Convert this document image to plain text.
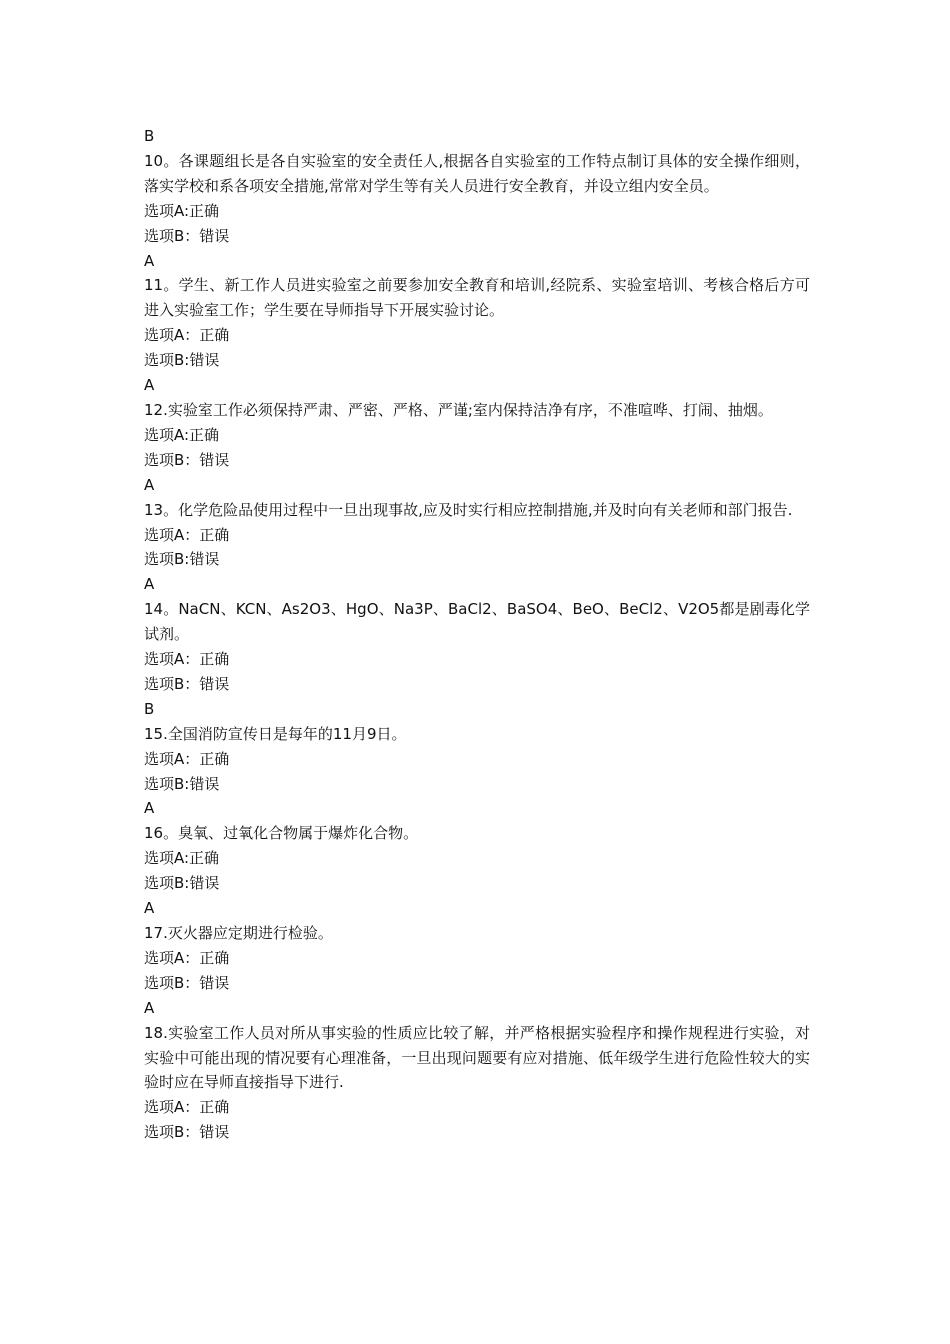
B
10。各课题组长是各自实验室的安全责任人,根据各自实验室的工作特点制订具体的安全操作细则，落实学校和系各项安全措施,常常对学生等有关人员进行安全教育，并设立组内安全员。
选项A:正确
选项B：错误
A
11。学生、新工作人员进实验室之前要参加安全教育和培训,经院系、实验室培训、考核合格后方可进入实验室工作；学生要在导师指导下开展实验讨论。
选项A：正确
选项B:错误
A
12.实验室工作必须保持严肃、严密、严格、严谨;室内保持洁净有序，不准喧哗、打闹、抽烟。
选项A:正确
选项B：错误
A
13。化学危险品使用过程中一旦出现事故,应及时实行相应控制措施,并及时向有关老师和部门报告.
选项A：正确
选项B:错误
A
14。NaCN、KCN、As2O3、HgO、Na3P、BaCl2、BaSO4、BeO、BeCl2、V2O5都是剧毒化学试剂。
选项A：正确
选项B：错误
B
15.全国消防宣传日是每年的11月9日。
选项A：正确
选项B:错误
A
16。臭氧、过氧化合物属于爆炸化合物。
选项A:正确
选项B:错误
A
17.灭火器应定期进行检验。
选项A：正确
选项B：错误
A
18.实验室工作人员对所从事实验的性质应比较了解，并严格根据实验程序和操作规程进行实验，对实验中可能出现的情况要有心理准备，一旦出现问题要有应对措施、低年级学生进行危险性较大的实验时应在导师直接指导下进行.
选项A：正确
选项B：错误
